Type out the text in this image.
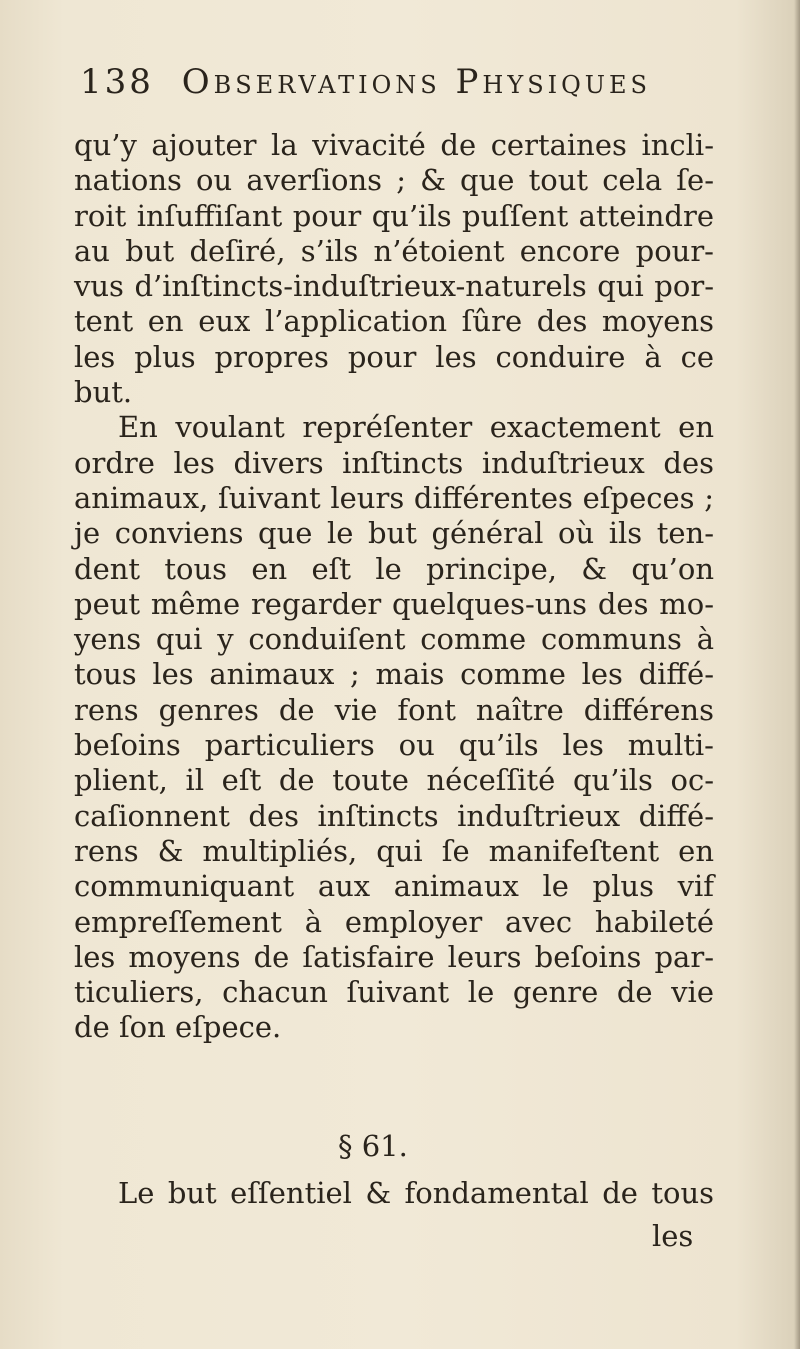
138 Observations Physiques
qu’y ajouter la vivacité de certaines incli-
nations ou averſions ; & que tout cela ſe-
roit inſuffiſant pour qu’ils puſſent atteindre
au but deſiré, s’ils n’étoient encore pour-
vus d’inſtincts-induſtrieux-naturels qui por-
tent en eux l’application ſûre des moyens
les plus propres pour les conduire à ce
but.
En voulant repréſenter exactement en
ordre les divers inſtincts induſtrieux des
animaux, ſuivant leurs différentes eſpeces ;
je conviens que le but général où ils ten-
dent tous en eſt le principe, & qu’on
peut même regarder quelques-uns des mo-
yens qui y conduiſent comme communs à
tous les animaux ; mais comme les diffé-
rens genres de vie font naître différens
beſoins particuliers ou qu’ils les multi-
plient, il eſt de toute néceſſité qu’ils oc-
caſionnent des inſtincts induſtrieux diffé-
rens & multipliés, qui ſe manifeſtent en
communiquant aux animaux le plus vif
empreſſement à employer avec habileté
les moyens de ſatisfaire leurs beſoins par-
ticuliers, chacun ſuivant le genre de vie
de ſon eſpece.
§ 61.
Le but eſſentiel & fondamental de tous
les
